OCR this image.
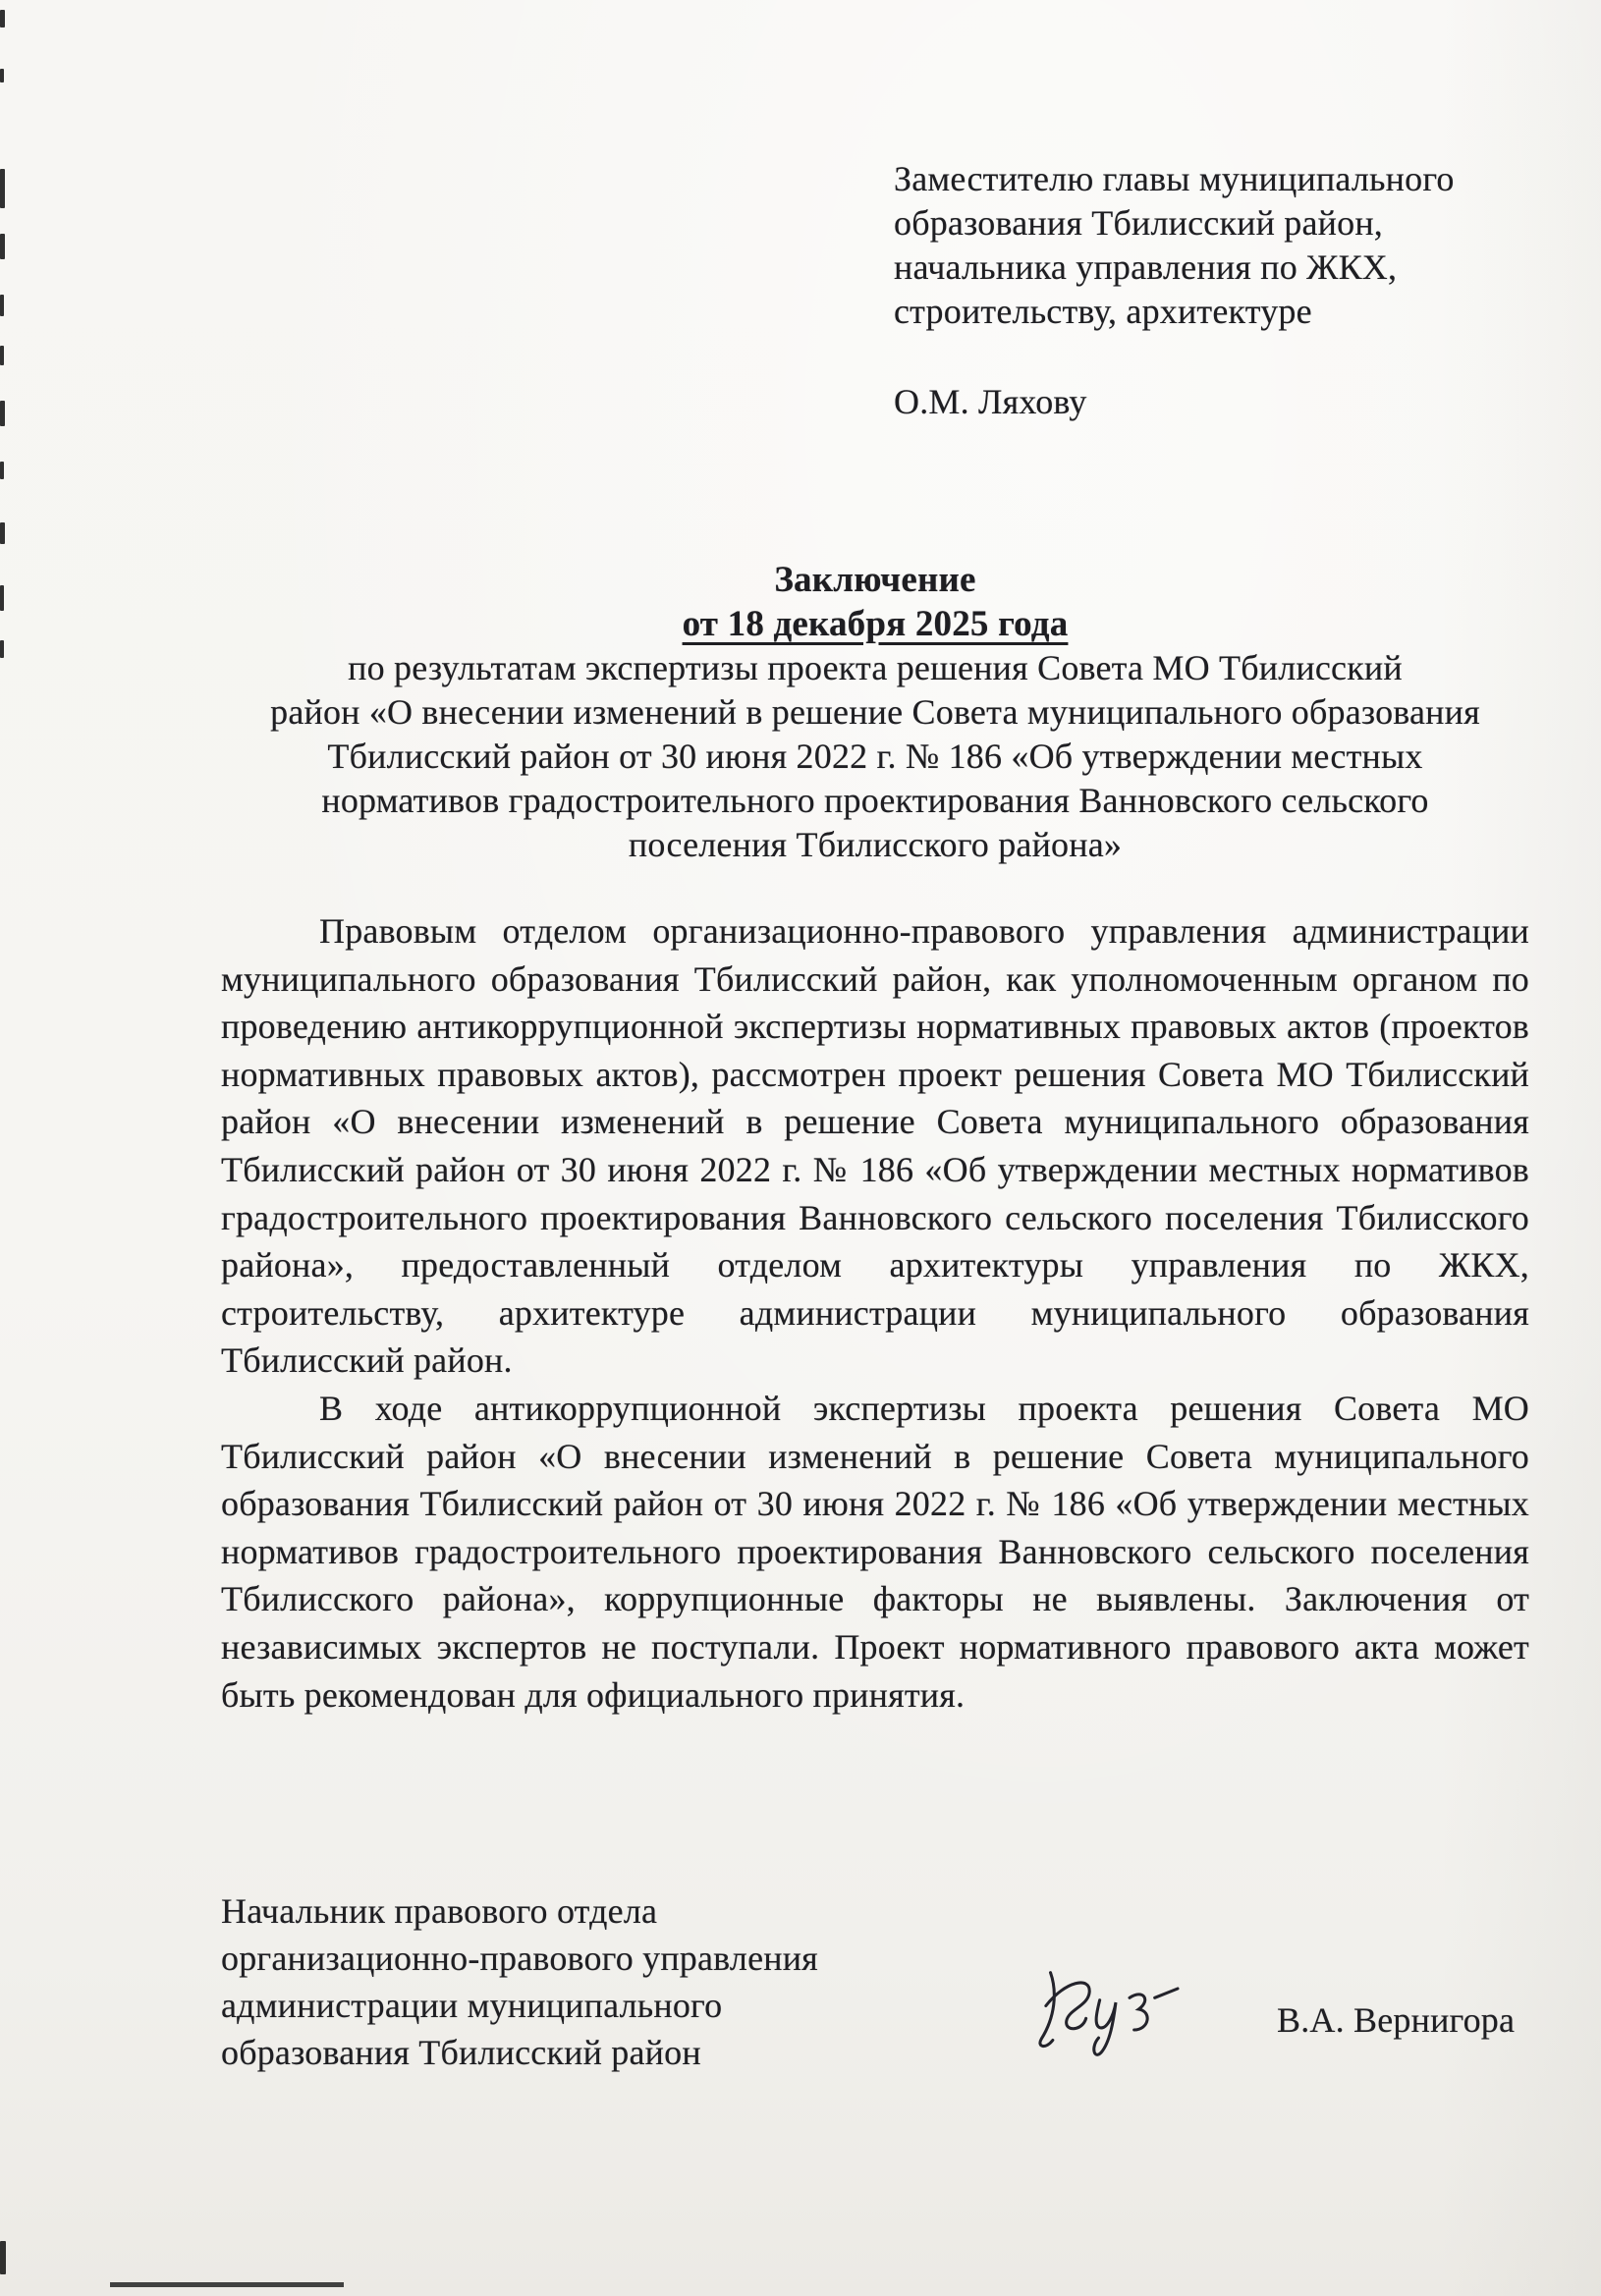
Заместителю главы муниципального
образования Тбилисский район,
начальника управления по ЖКХ,
строительству, архитектуре
О.М. Ляхову
Заключение
от 18 декабря 2025 года
по результатам экспертизы проекта решения Совета МО Тбилисский
район «О внесении изменений в решение Совета муниципального образования
Тбилисский район от 30 июня 2022 г. № 186 «Об утверждении местных
нормативов градостроительного проектирования Ванновского сельского
поселения Тбилисского района»

Правовым отделом организационно-правового управления администрации муниципального образования Тбилисский район, как уполномоченным органом по проведению антикоррупционной экспертизы нормативных правовых актов (проектов нормативных правовых актов), рассмотрен проект решения Совета МО Тбилисский район «О внесении изменений в решение Совета муниципального образования Тбилисский район от 30 июня 2022 г. № 186 «Об утверждении местных нормативов градостроительного проектирования Ванновского сельского поселения Тбилисского района», предоставленный отделом архитектуры управления по ЖКХ, строительству, архитектуре администрации муниципального образования Тбилисский район.

В ходе антикоррупционной экспертизы проекта решения Совета МО Тбилисский район «О внесении изменений в решение Совета муниципального образования Тбилисский район от 30 июня 2022 г. № 186 «Об утверждении местных нормативов градостроительного проектирования Ванновского сельского поселения Тбилисского района», коррупционные факторы не выявлены. Заключения от независимых экспертов не поступали. Проект нормативного правового акта может быть рекомендован для официального принятия.

Начальник правового отдела
организационно-правового управления
администрации муниципального
образования Тбилисский район
В.А. Вернигора
